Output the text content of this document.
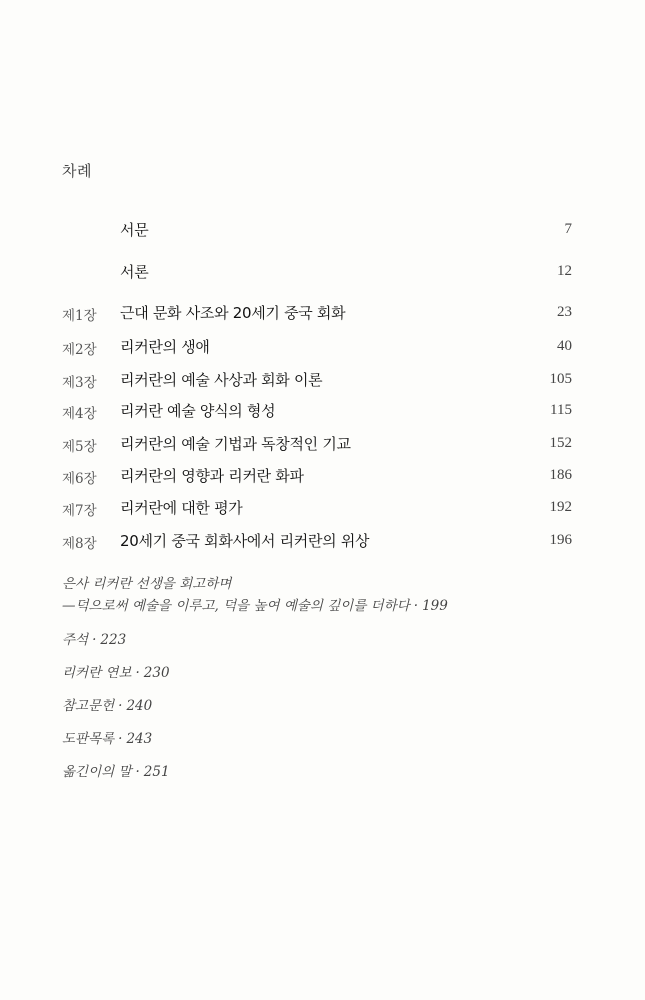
차례
서문	7
서론	12
제1장 근대 문화 사조와 20세기 중국 회화	23
제2장 리커란의 생애	40
제3장 리커란의 예술 사상과 회화 이론	105
제4장 리커란 예술 양식의 형성	115
제5장 리커란의 예술 기법과 독창적인 기교	152
제6장 리커란의 영향과 리커란 화파	186
제7장 리커란에 대한 평가	192
제8장 20세기 중국 회화사에서 리커란의 위상	196
은사 리커란 선생을 회고하며
—덕으로써 예술을 이루고, 덕을 높여 예술의 깊이를 더하다 · 199
주석 · 223
리커란 연보 · 230
참고문헌 · 240
도판목록 · 243
옮긴이의 말 · 251
